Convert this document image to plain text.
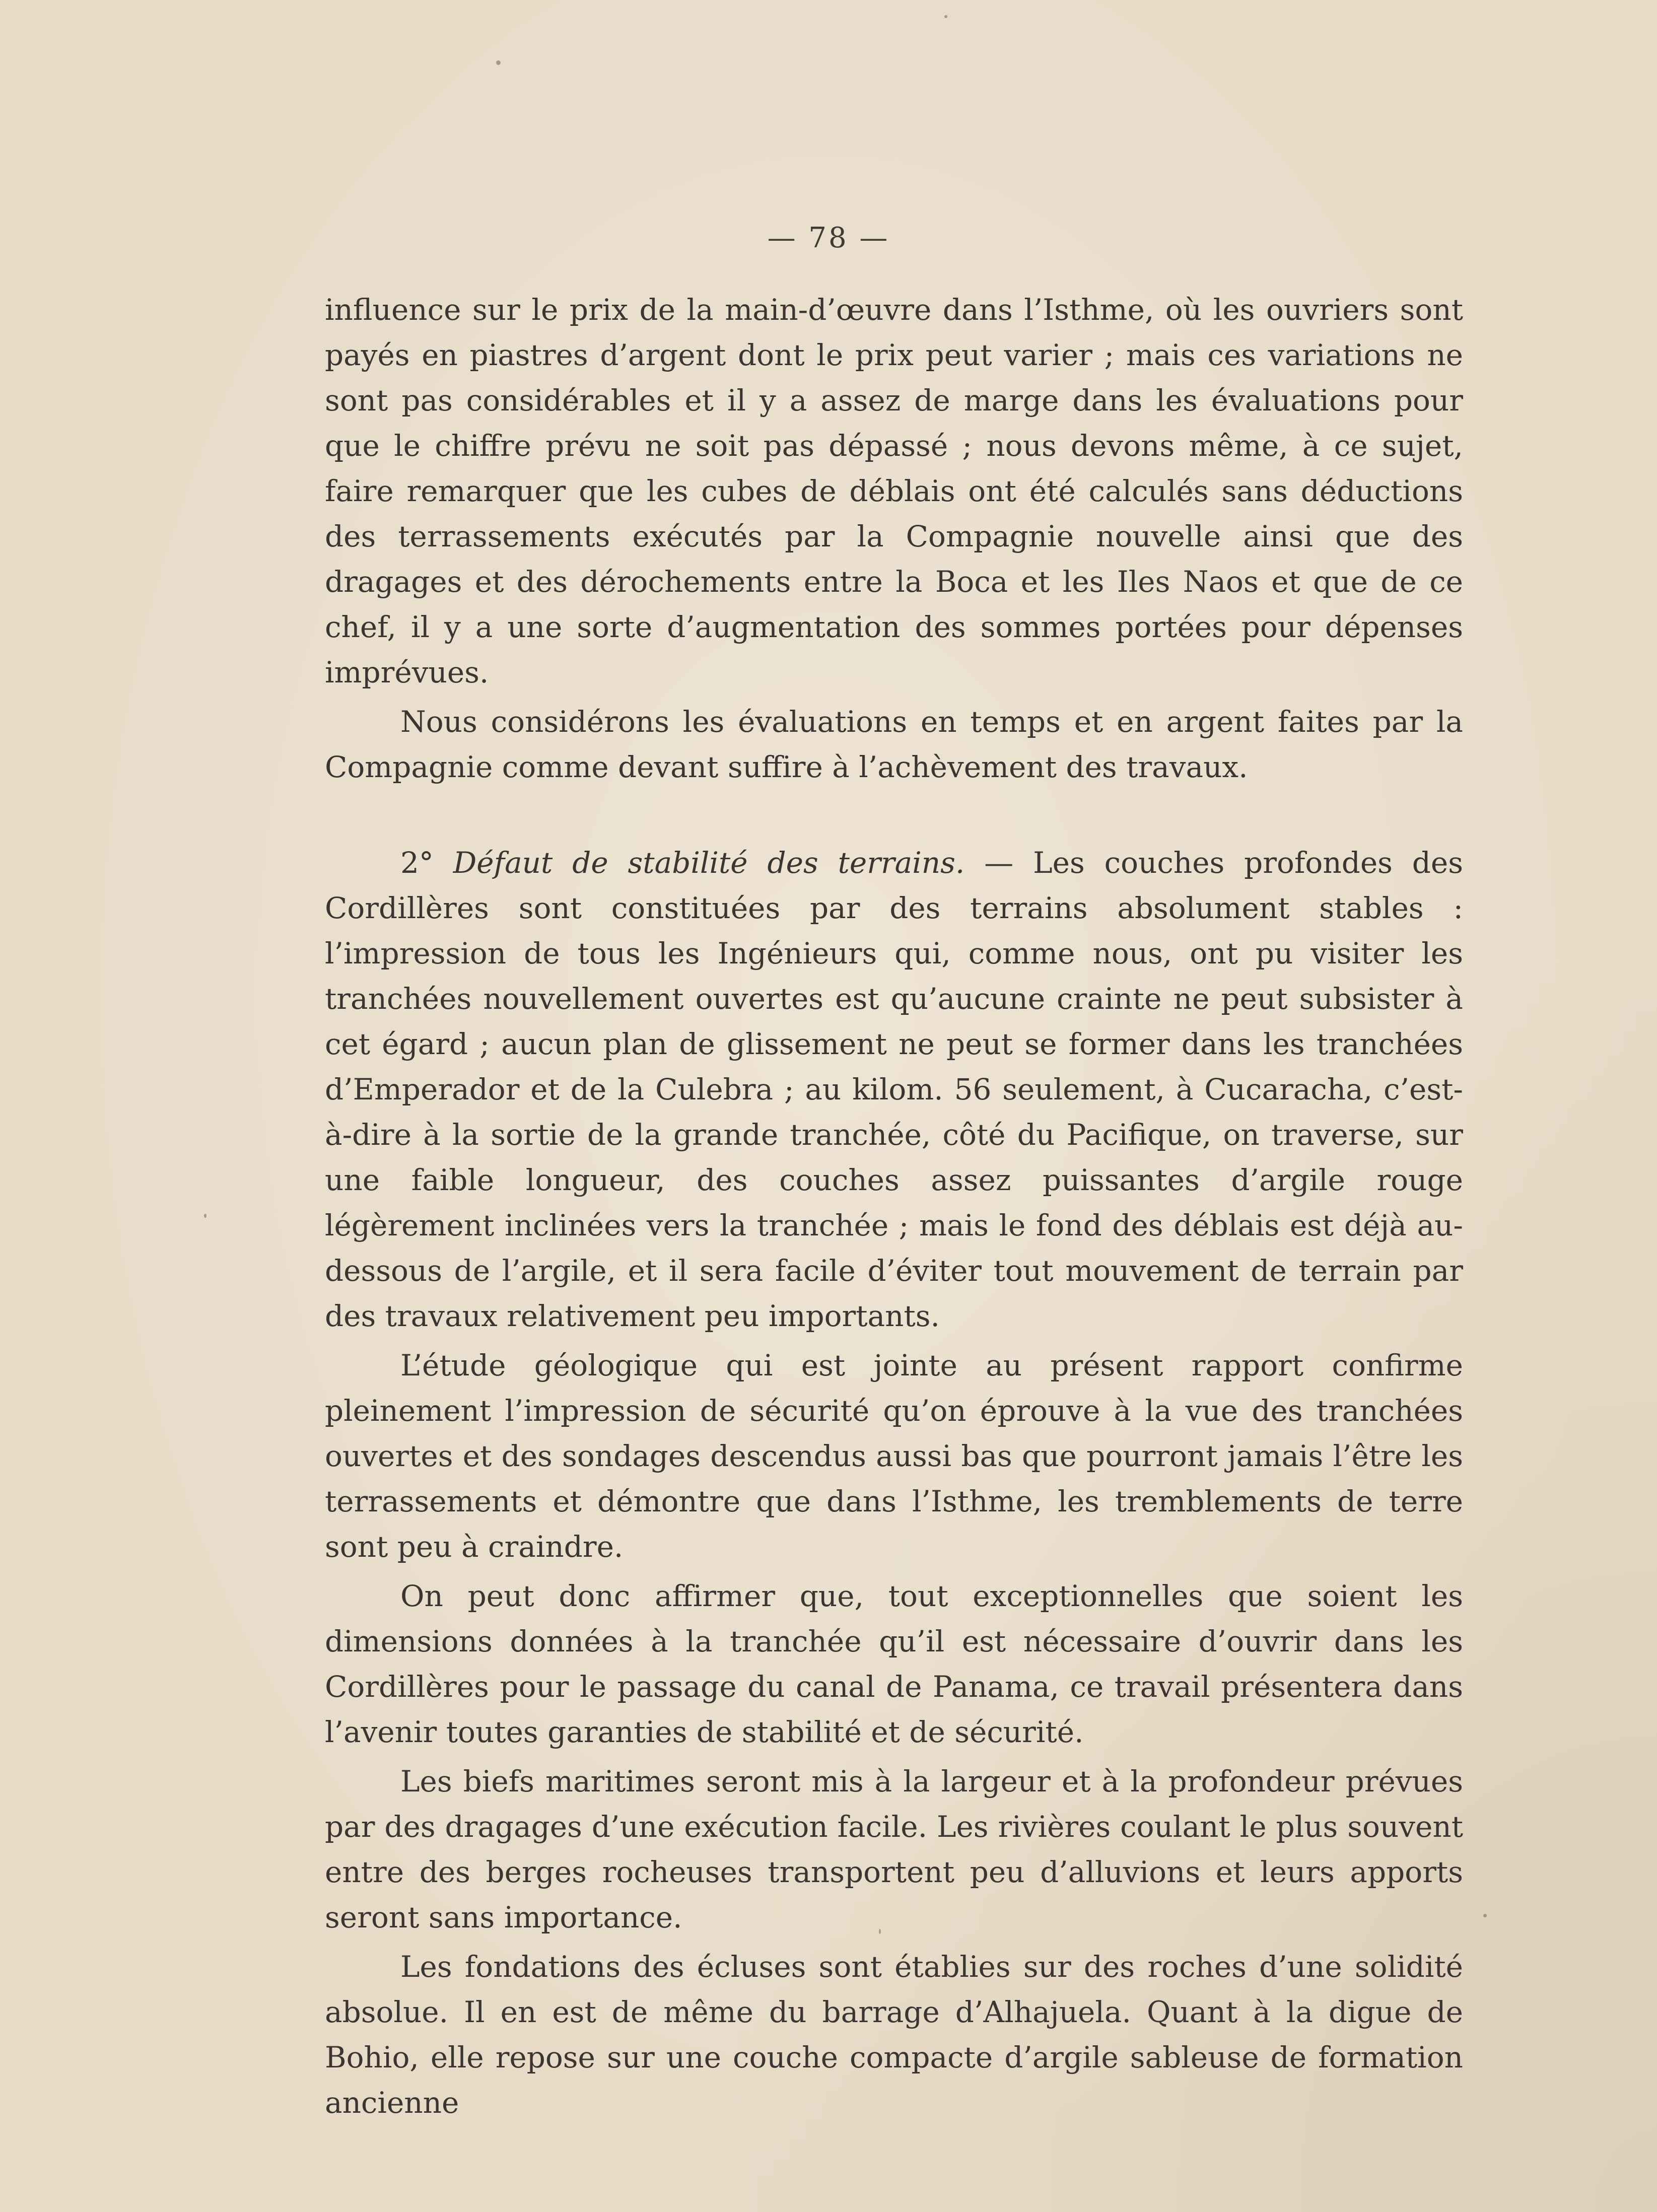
— 78 —

influence sur le prix de la main-d’œuvre dans l’Isthme, où les ouvriers sont payés en piastres d’argent dont le prix peut varier ; mais ces variations ne sont pas considérables et il y a assez de marge dans les évaluations pour que le chiffre prévu ne soit pas dépassé ; nous devons même, à ce sujet, faire remarquer que les cubes de déblais ont été calculés sans déductions des terrassements exécutés par la Compagnie nouvelle ainsi que des dragages et des dérochements entre la Boca et les Iles Naos et que de ce chef, il y a une sorte d’augmentation des sommes portées pour dépenses imprévues.

Nous considérons les évaluations en temps et en argent faites par la Compagnie comme devant suffire à l’achèvement des travaux.

2° Défaut de stabilité des terrains. — Les couches profondes des Cordillères sont constituées par des terrains absolument stables : l’impression de tous les Ingénieurs qui, comme nous, ont pu visiter les tranchées nouvellement ouvertes est qu’aucune crainte ne peut subsister à cet égard ; aucun plan de glissement ne peut se former dans les tranchées d’Emperador et de la Culebra ; au kilom. 56 seulement, à Cucaracha, c’est-à-dire à la sortie de la grande tranchée, côté du Pacifique, on traverse, sur une faible longueur, des couches assez puissantes d’argile rouge légèrement inclinées vers la tranchée ; mais le fond des déblais est déjà au-dessous de l’argile, et il sera facile d’éviter tout mouvement de terrain par des travaux relativement peu importants.

L’étude géologique qui est jointe au présent rapport confirme pleinement l’impression de sécurité qu’on éprouve à la vue des tranchées ouvertes et des sondages descendus aussi bas que pourront jamais l’être les terrassements et démontre que dans l’Isthme, les tremblements de terre sont peu à craindre.

On peut donc affirmer que, tout exceptionnelles que soient les dimensions données à la tranchée qu’il est nécessaire d’ouvrir dans les Cordillères pour le passage du canal de Panama, ce travail présentera dans l’avenir toutes garanties de stabilité et de sécurité.

Les biefs maritimes seront mis à la largeur et à la profondeur prévues par des dragages d’une exécution facile. Les rivières coulant le plus souvent entre des berges rocheuses transportent peu d’alluvions et leurs apports seront sans importance.

Les fondations des écluses sont établies sur des roches d’une solidité absolue. Il en est de même du barrage d’Alhajuela. Quant à la digue de Bohio, elle repose sur une couche compacte d’argile sableuse de formation ancienne
